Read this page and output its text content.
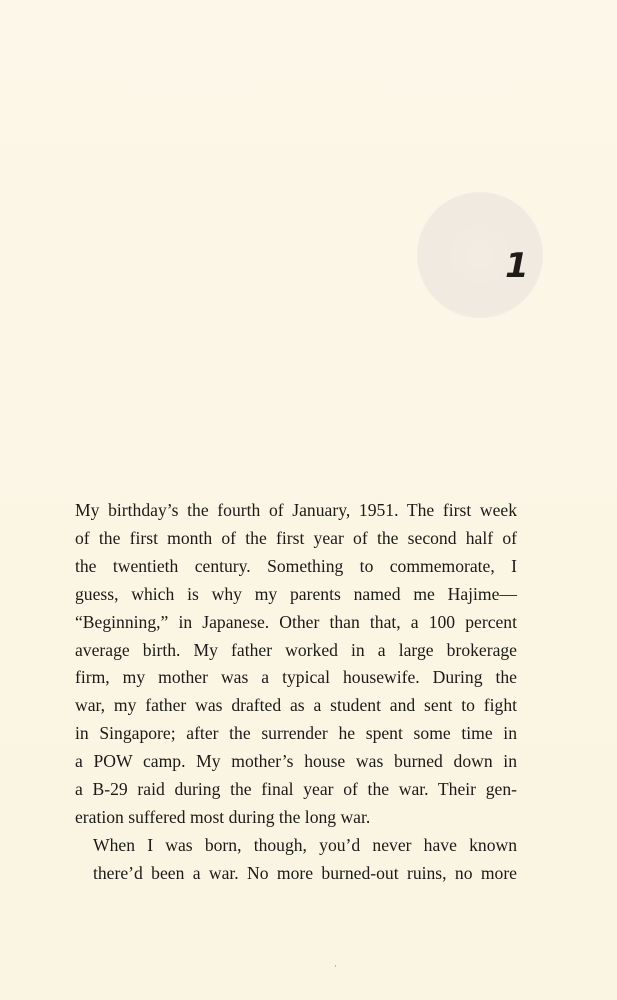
1

My birthday’s the fourth of January, 1951. The first week
of the first month of the first year of the second half of
the twentieth century. Something to commemorate, I
guess, which is why my parents named me Hajime—
“Beginning,” in Japanese. Other than that, a 100 percent
average birth. My father worked in a large brokerage
firm, my mother was a typical housewife. During the
war, my father was drafted as a student and sent to fight
in Singapore; after the surrender he spent some time in
a POW camp. My mother’s house was burned down in
a B-29 raid during the final year of the war. Their gen-
eration suffered most during the long war.

When I was born, though, you’d never have known
there’d been a war. No more burned-out ruins, no more

·
